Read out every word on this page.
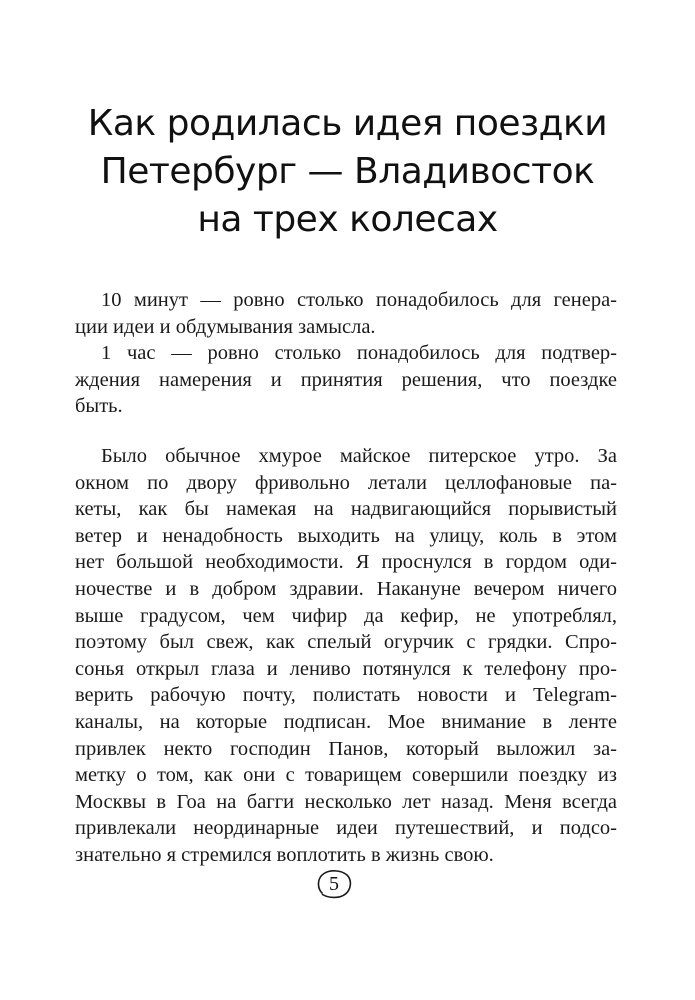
Как родилась идея поездки
Петербург — Владивосток
на трех колесах
10 минут — ровно столько понадобилось для генера-
ции идеи и обдумывания замысла.
1 час — ровно столько понадобилось для подтвер-
ждения намерения и принятия решения, что поездке
быть.
Было обычное хмурое майское питерское утро. За
окном по двору фривольно летали целлофановые па-
кеты, как бы намекая на надвигающийся порывистый
ветер и ненадобность выходить на улицу, коль в этом
нет большой необходимости. Я проснулся в гордом оди-
ночестве и в добром здравии. Накануне вечером ничего
выше градусом, чем чифир да кефир, не употреблял,
поэтому был свеж, как спелый огурчик с грядки. Спро-
сонья открыл глаза и лениво потянулся к телефону про-
верить рабочую почту, полистать новости и Telegram-
каналы, на которые подписан. Мое внимание в ленте
привлек некто господин Панов, который выложил за-
метку о том, как они с товарищем совершили поездку из
Москвы в Гоа на багги несколько лет назад. Меня всегда
привлекали неординарные идеи путешествий, и подсо-
знательно я стремился воплотить в жизнь свою.
5
